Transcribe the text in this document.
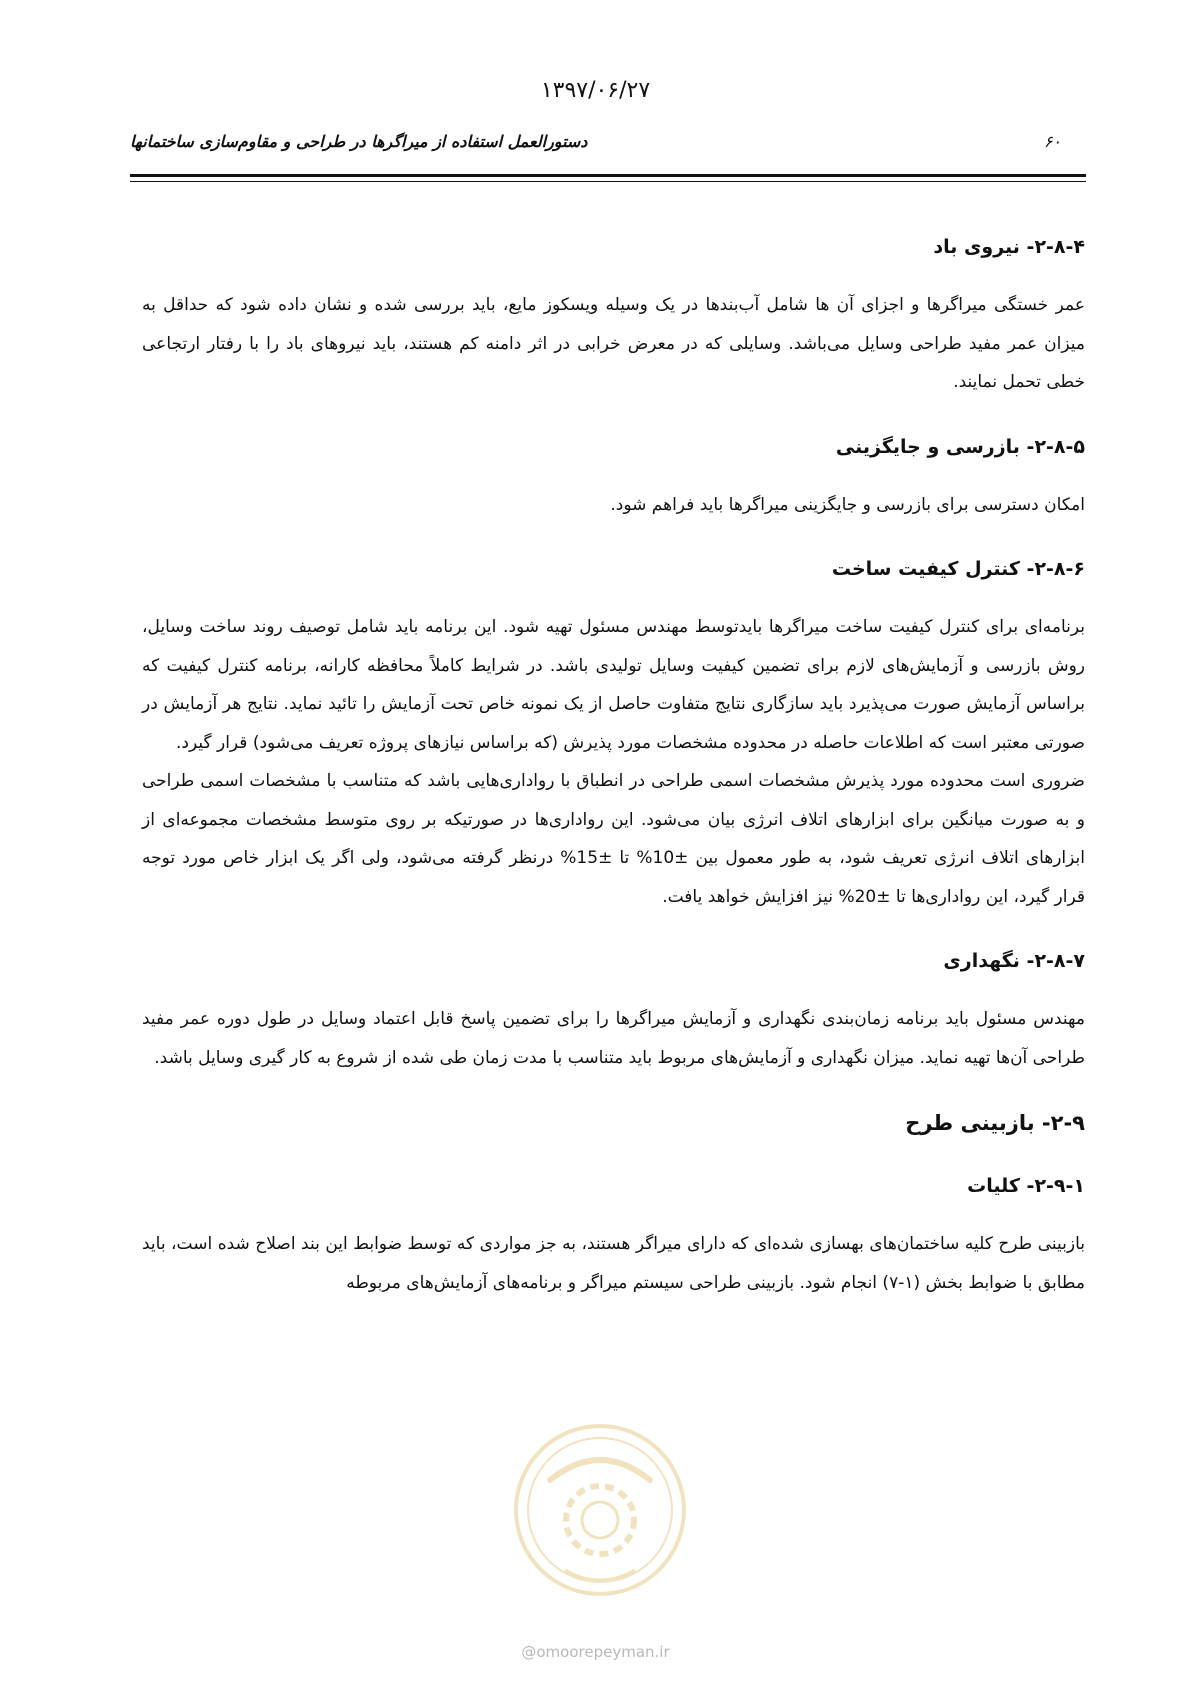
۱۳۹۷/۰۶/۲۷
۶۰
دستورالعمل استفاده از میراگرها در طراحی و مقاوم‌سازی ساختمانها
۲-۸-۴- نیروی باد

عمر خستگی میراگرها و اجزای آن ها شامل آب‌بندها در یک وسیله ویسکوز مایع، باید بررسی شده و نشان داده شود که حداقل به میزان عمر مفید طراحی وسایل می‌باشد. وسایلی که در معرض خرابی در اثر دامنه کم هستند، باید نیروهای باد را با رفتار ارتجاعی خطی تحمل نمایند.

۲-۸-۵- بازرسی و جایگزینی

امکان دسترسی برای بازرسی و جایگزینی میراگرها باید فراهم شود.

۲-۸-۶- کنترل کیفیت ساخت

برنامه‌ای برای کنترل کیفیت ساخت میراگرها بایدتوسط مهندس مسئول تهیه شود. این برنامه باید شامل توصیف روند ساخت وسایل، روش بازرسی و آزمایش‌های لازم برای تضمین کیفیت وسایل تولیدی باشد. در شرایط کاملاً محافظه کارانه، برنامه کنترل کیفیت که براساس آزمایش صورت می‌پذیرد باید سازگاری نتایج متفاوت حاصل از یک نمونه خاص تحت آزمایش را تائید نماید. نتایج هر آزمایش در صورتی معتبر است که اطلاعات حاصله در محدوده مشخصات مورد پذیرش (که براساس نیازهای پروژه تعریف می‌شود) قرار گیرد.

ضروری است محدوده مورد پذیرش مشخصات اسمی طراحی در انطباق با رواداری‌هایی باشد که متناسب با مشخصات اسمی طراحی و به صورت میانگین برای ابزارهای اتلاف انرژی بیان می‌شود. این رواداری‌ها در صورتیکه بر روی متوسط مشخصات مجموعه‌ای از ابزارهای اتلاف انرژی تعریف شود، به طور معمول بین ±10% تا ±15% درنظر گرفته می‌شود، ولی اگر یک ابزار خاص مورد توجه قرار گیرد، این رواداری‌ها تا ±20% نیز افزایش خواهد یافت.

۲-۸-۷- نگهداری

مهندس مسئول باید برنامه زمان‌بندی نگهداری و آزمایش میراگرها را برای تضمین پاسخ قابل اعتماد وسایل در طول دوره عمر مفید طراحی آن‌ها تهیه نماید. میزان نگهداری و آزمایش‌های مربوط باید متناسب با مدت زمان طی شده از شروع به کار گیری وسایل باشد.

۲-۹- بازبینی طرح
۲-۹-۱- کلیات

بازبینی طرح کلیه ساختمان‌های بهسازی شده‌ای که دارای میراگر هستند، به جز مواردی که توسط ضوابط این بند اصلاح شده است، باید مطابق با ضوابط بخش (۱-۷) انجام شود. بازبینی طراحی سیستم میراگر و برنامه‌های آزمایش‌های مربوطه

@omoorepeyman.ir
